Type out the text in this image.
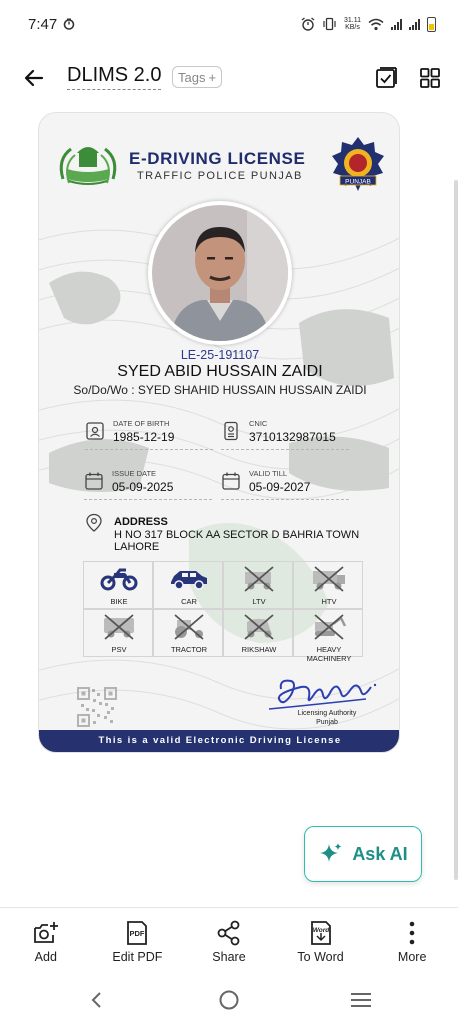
7:47	31.11
KB/s
DLIMS 2.0 Tags +
E-DRIVING LICENSE
TRAFFIC POLICE PUNJAB	PUNJAB
LE-25-191107
SYED ABID HUSSAIN ZAIDI
So/Do/Wo : SYED SHAHID HUSSAIN HUSSAIN ZAIDI
DATE OF BIRTH
1985-12-19
CNIC
3710132987015
ISSUE DATE
05-09-2025
VALID TILL
05-09-2027
ADDRESS
H NO 317 BLOCK AA SECTOR D BAHRIA TOWN LAHORE
BIKE	CAR	LTV	HTV
PSV	TRACTOR	RIKSHAW	HEAVY MACHINERY
Licensing Authority
Punjab
This is a valid Electronic Driving License
Ask AI
Add
PDF
Edit PDF	Share
Word
To Word	More
